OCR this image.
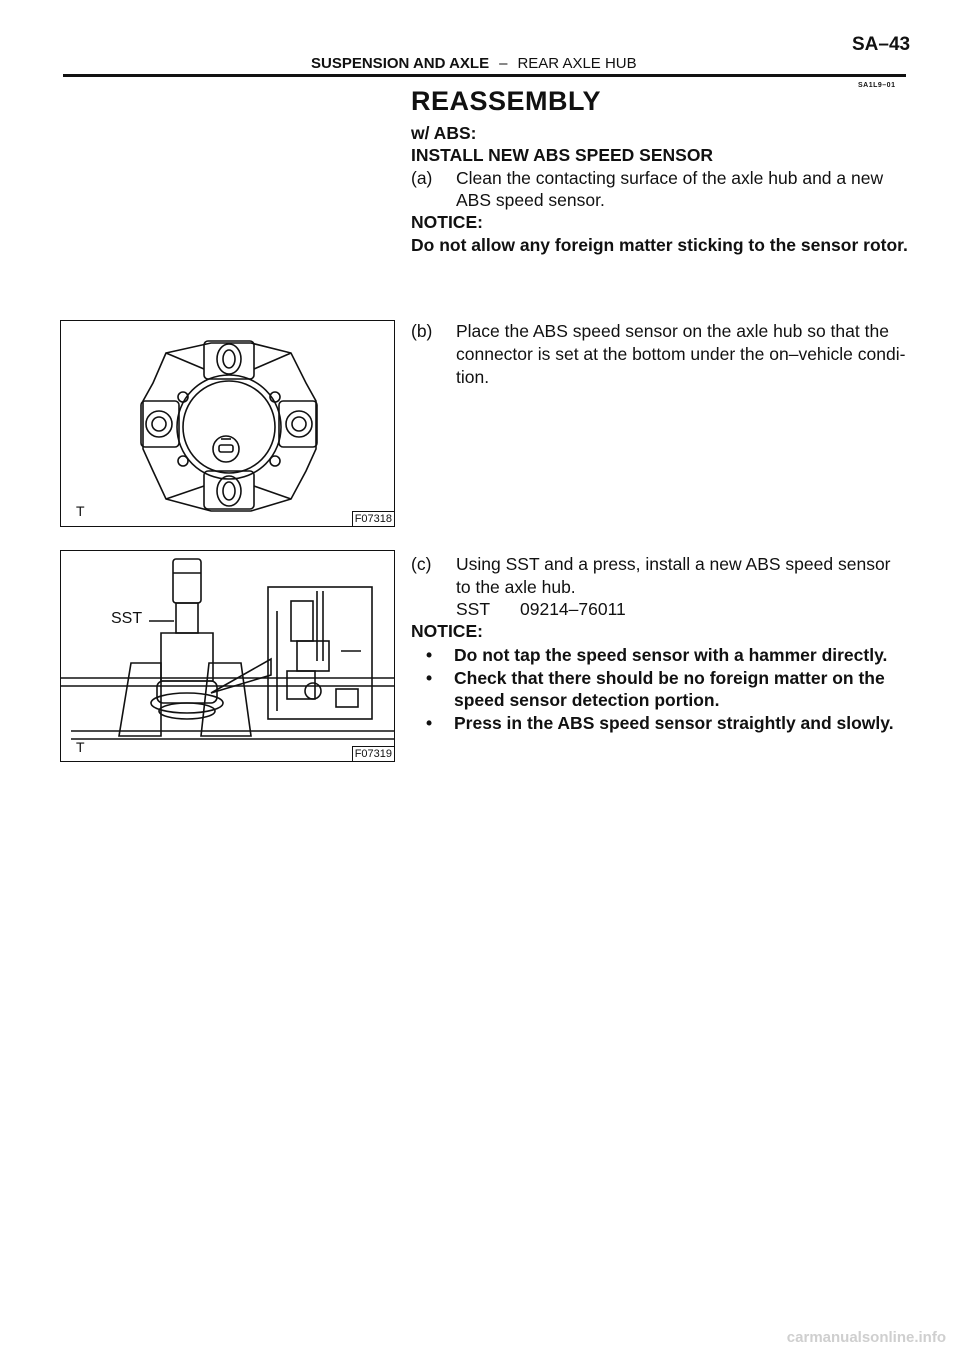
SA–43
SUSPENSION AND AXLE – REAR AXLE HUB
SA1L9–01
REASSEMBLY
w/ ABS:
INSTALL NEW ABS SPEED SENSOR
(a) Clean the contacting surface of the axle hub and a new
ABS speed sensor.
NOTICE:
Do not allow any foreign matter sticking to the sensor rotor.
(b) Place the ABS speed sensor on the axle hub so that the
connector is set at the bottom under the on–vehicle condi-
tion.
(c) Using SST and a press, install a new ABS speed sensor
to the axle hub.
SST 09214–76011
NOTICE:
• Do not tap the speed sensor with a hammer directly.
• Check that there should be no foreign matter on the
speed sensor detection portion.
• Press in the ABS speed sensor straightly and slowly.
T	F07318
SST
T	F07319
carmanualsonline.info
